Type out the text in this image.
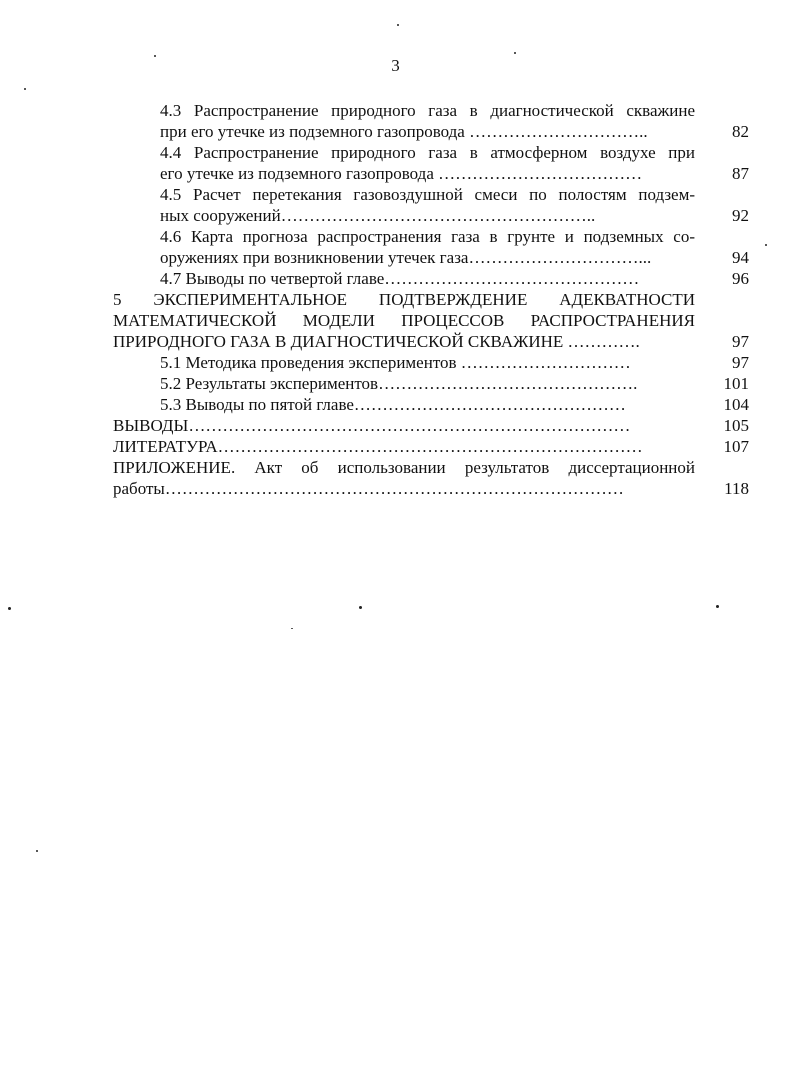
3
4.3 Распространение природного газа в диагностической скважине
при его утечке из подземного газопровода …………………………..	82
4.4 Распространение природного газа в атмосферном воздухе при
его утечке из подземного газопровода ………………………………	87
4.5 Расчет перетекания газовоздушной смеси по полостям подзем-
ных сооружений………………………………………………..	92
4.6 Карта прогноза распространения газа в грунте и подземных со-
оружениях при возникновении утечек газа…………………………...	94
4.7 Выводы по четвертой главе………………………………………	96
5 ЭКСПЕРИМЕНТАЛЬНОЕ ПОДТВЕРЖДЕНИЕ АДЕКВАТНОСТИ
МАТЕМАТИЧЕСКОЙ МОДЕЛИ ПРОЦЕССОВ РАСПРОСТРАНЕНИЯ
ПРИРОДНОГО ГАЗА В ДИАГНОСТИЧЕСКОЙ СКВАЖИНЕ ………….	97
5.1 Методика проведения экспериментов …………………………	97
5.2 Результаты экспериментов……………………………………….	101
5.3 Выводы по пятой главе…………………………………………	104
ВЫВОДЫ……………………………………………………………………	105
ЛИТЕРАТУРА…………………………………………………………………	107
ПРИЛОЖЕНИЕ. Акт об использовании результатов диссертационной
работы………………………………………………………………………	118
